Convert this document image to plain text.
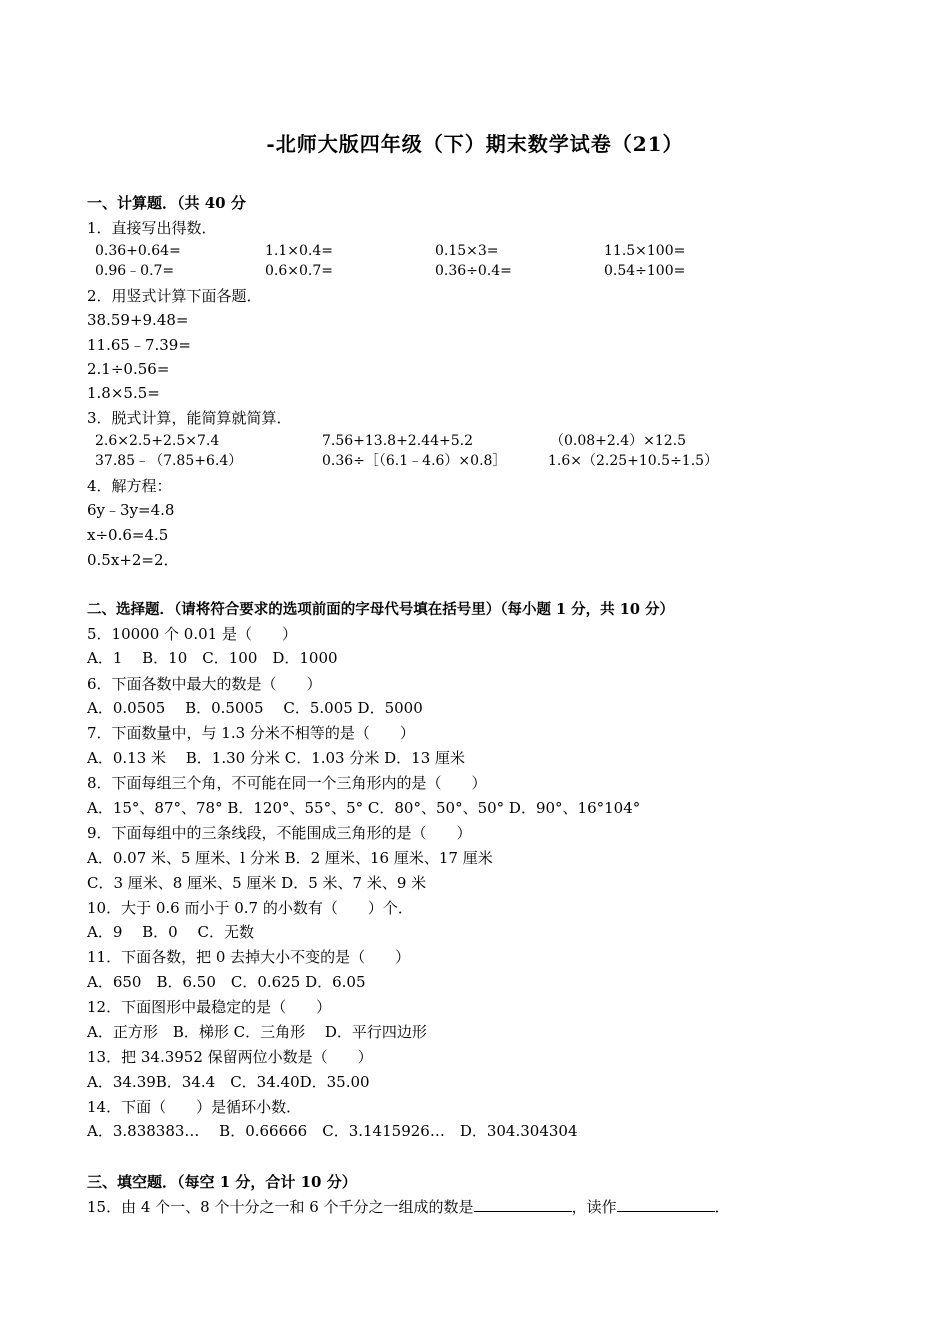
-北师大版四年级（下）期末数学试卷（21）
一、计算题．（共 40 分
1．直接写出得数．
0.36+0.64=	1.1×0.4=	0.15×3=	11.5×100=
0.96﹣0.7=	0.6×0.7=	0.36÷0.4=	0.54÷100=
2．用竖式计算下面各题．
38.59+9.48=
11.65﹣7.39=
2.1÷0.56=
1.8×5.5=
3．脱式计算，能简算就简算．
2.6×2.5+2.5×7.4	7.56+13.8+2.44+5.2	（0.08+2.4）×12.5
37.85﹣（7.85+6.4）	0.36÷［（6.1﹣4.6）×0.8］	1.6×（2.25+10.5÷1.5）
4．解方程：
6y﹣3y=4.8
x÷0.6=4.5
0.5x+2=2．
二、选择题．（请将符合要求的选项前面的字母代号填在括号里）（每小题 1 分，共 10 分）
5．10000 个 0.01 是（　　）
A．1　 B．10　C．100　D．1000
6．下面各数中最大的数是（　　）
A．0.0505　 B．0.5005　 C．5.005 D．5000
7．下面数量中，与 1.3 分米不相等的是（　　）
A．0.13 米　 B．1.30 分米 C．1.03 分米 D．13 厘米
8．下面每组三个角，不可能在同一个三角形内的是（　　）
A．15°、87°、78° B．120°、55°、5° C．80°、50°、50° D．90°、16°104°
9．下面每组中的三条线段，不能围成三角形的是（　　）
A．0.07 米、5 厘米、l 分米 B．2 厘米、16 厘米、17 厘米
C．3 厘米、8 厘米、5 厘米 D．5 米、7 米、9 米
10．大于 0.6 而小于 0.7 的小数有（　　）个．
A．9　 B．0　 C．无数
11．下面各数，把 0 去掉大小不变的是（　　）
A．650　B．6.50　C．0.625 D．6.05
12．下面图形中最稳定的是（　　）
A．正方形　B．梯形 C．三角形　 D．平行四边形
13．把 34.3952 保留两位小数是（　　）
A．34.39B．34.4　C．34.40D．35.00
14．下面（　　）是循环小数．
A．3.838383…　 B．0.66666　C．3.1415926…　D．304.304304
三、填空题．（每空 1 分，合计 10 分）
15．由 4 个一、8 个十分之一和 6 个千分之一组成的数是	，读作	．
